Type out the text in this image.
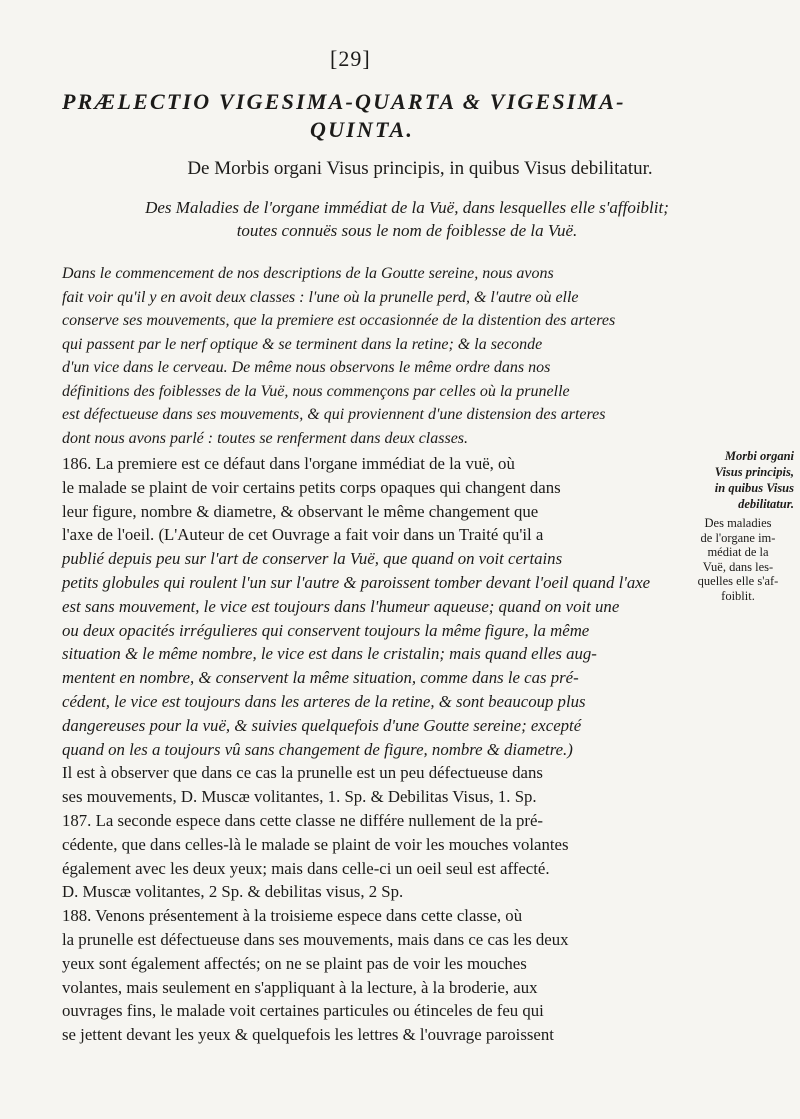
[29]
PRÆLECTIO VIGESIMA-QUARTA & VIGESIMA-
QUINTA.
De Morbis organi Visus principis, in quibus Visus debilitatur.
Des Maladies de l'organe immédiat de la Vuë, dans lesquelles elle s'affoiblit;
toutes connuës sous le nom de foiblesse de la Vuë.
Dans le commencement de nos descriptions de la Goutte sereine, nous avons
fait voir qu'il y en avoit deux classes : l'une où la prunelle perd, & l'autre où elle
conserve ses mouvements, que la premiere est occasionnée de la distention des arteres
qui passent par le nerf optique & se terminent dans la retine; & la seconde
d'un vice dans le cerveau. De même nous observons le même ordre dans nos
définitions des foiblesses de la Vuë, nous commençons par celles où la prunelle
est défectueuse dans ses mouvements, & qui proviennent d'une distension des arteres
dont nous avons parlé : toutes se renferment dans deux classes.
186. La premiere est ce défaut dans l'organe immédiat de la vuë, où
le malade se plaint de voir certains petits corps opaques qui changent dans
leur figure, nombre & diametre, & observant le même changement que
l'axe de l'oeil. (L'Auteur de cet Ouvrage a fait voir dans un Traité qu'il a
publié depuis peu sur l'art de conserver la Vuë, que quand on voit certains
petits globules qui roulent l'un sur l'autre & paroissent tomber devant l'oeil quand l'axe
est sans mouvement, le vice est toujours dans l'humeur aqueuse; quand on voit une
ou deux opacités irrégulieres qui conservent toujours la même figure, la même
situation & le même nombre, le vice est dans le cristalin; mais quand elles aug-
mentent en nombre, & conservent la même situation, comme dans le cas pré-
cédent, le vice est toujours dans les arteres de la retine, & sont beaucoup plus
dangereuses pour la vuë, & suivies quelquefois d'une Goutte sereine; excepté
quand on les a toujours vû sans changement de figure, nombre & diametre.)
Il est à observer que dans ce cas la prunelle est un peu défectueuse dans
ses mouvements, D. Muscæ volitantes, 1. Sp. & Debilitas Visus, 1. Sp.
187. La seconde espece dans cette classe ne différe nullement de la pré-
cédente, que dans celles-là le malade se plaint de voir les mouches volantes
également avec les deux yeux; mais dans celle-ci un oeil seul est affecté.
D. Muscæ volitantes, 2 Sp. & debilitas visus, 2 Sp.
188. Venons présentement à la troisieme espece dans cette classe, où
la prunelle est défectueuse dans ses mouvements, mais dans ce cas les deux
yeux sont également affectés; on ne se plaint pas de voir les mouches
volantes, mais seulement en s'appliquant à la lecture, à la broderie, aux
ouvrages fins, le malade voit certaines particules ou étinceles de feu qui
se jettent devant les yeux & quelquefois les lettres & l'ouvrage paroissent
Morbi organi
Visus principis,
in quibus Visus
debilitatur.
Des maladies
de l'organe im-
médiat de la
Vuë, dans les-
quelles elle s'af-
foiblit.
